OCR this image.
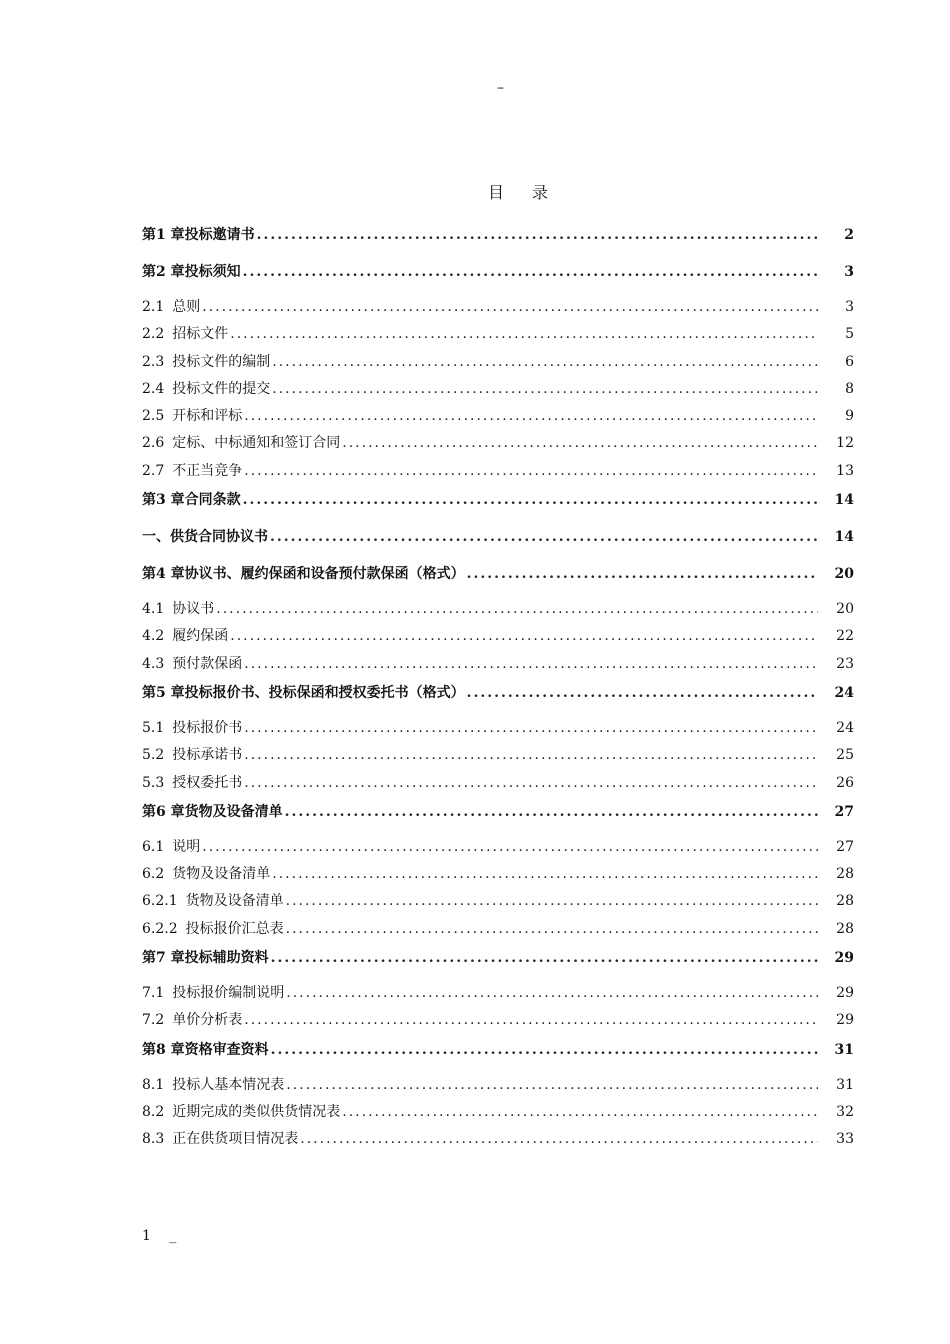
–
目录
第1 章 投标邀请书 .....	2
第2 章 投标须知 .....	3
2.1 总则 .....	3
2.2 招标文件 .....	5
2.3 投标文件的编制 .....	6
2.4 投标文件的提交 .....	8
2.5 开标和评标 .....	9
2.6 定标、中标通知和签订合同 .....	12
2.7 不正当竞争 .....	13
第3 章 合同条款 .....	14
一、供货合同协议书 .....	14
第4 章 协议书、履约保函和设备预付款保函（格式） .....	20
4.1 协议书 .....	20
4.2 履约保函 .....	22
4.3 预付款保函 .....	23
第5 章 投标报价书、投标保函和授权委托书（格式） .....	24
5.1 投标报价书 .....	24
5.2 投标承诺书 .....	25
5.3 授权委托书 .....	26
第6 章 货物及设备清单 .....	27
6.1 说明 .....	27
6.2 货物及设备清单 .....	28
6.2.1 货物及设备清单 .....	28
6.2.2 投标报价汇总表 .....	28
第7 章 投标辅助资料 .....	29
7.1 投标报价编制说明 .....	29
7.2 单价分析表 .....	29
第8 章 资格审查资料 .....	31
8.1 投标人基本情况表 .....	31
8.2 近期完成的类似供货情况表 .....	32
8.3 正在供货项目情况表 .....	33
1 _
